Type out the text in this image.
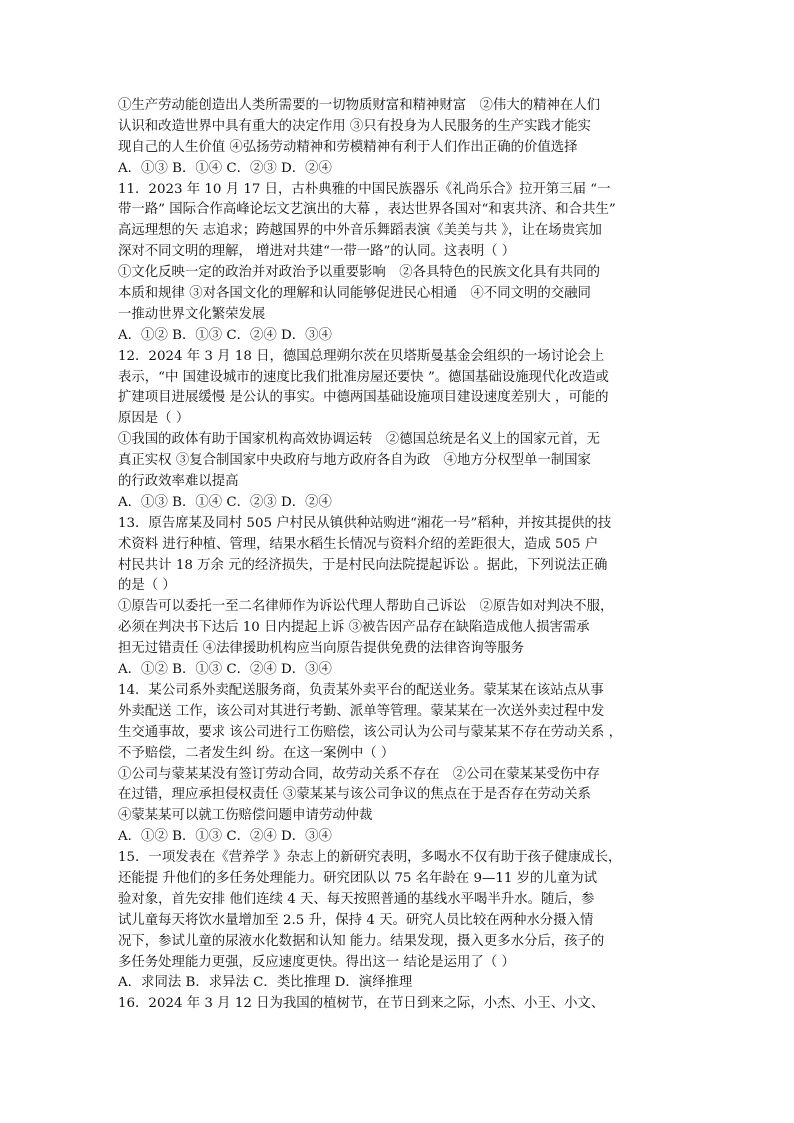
①生产劳动能创造出人类所需要的一切物质财富和精神财富　②伟大的精神在人们
认识和改造世界中具有重大的决定作用 ③只有投身为人民服务的生产实践才能实
现自己的人生价值 ④弘扬劳动精神和劳模精神有利于人们作出正确的价值选择
A．①③ B．①④ C．②③ D．②④
11．2023 年 10 月 17 日，古朴典雅的中国民族器乐《礼尚乐合》拉开第三届 “一
带一路” 国际合作高峰论坛文艺演出的大幕 ，表达世界各国对“和衷共济、和合共生”
高远理想的矢 志追求；跨越国界的中外音乐舞蹈表演《美美与共 》，让在场贵宾加
深对不同文明的理解， 增进对共建“一带一路”的认同。这表明（ ）
①文化反映一定的政治并对政治予以重要影响　②各具特色的民族文化具有共同的
本质和规律 ③对各国文化的理解和认同能够促进民心相通　④不同文明的交融同
一推动世界文化繁荣发展
A．①② B．①③ C．②④ D．③④
12．2024 年 3 月 18 日，德国总理朔尔茨在贝塔斯曼基金会组织的一场讨论会上
表示，“中 国建设城市的速度比我们批准房屋还要快 ”。德国基础设施现代化改造或
扩建项目进展缓慢 是公认的事实。中德两国基础设施项目建设速度差别大 ，可能的
原因是（ ）
①我国的政体有助于国家机构高效协调运转　②德国总统是名义上的国家元首，无
真正实权 ③复合制国家中央政府与地方政府各自为政　④地方分权型单一制国家
的行政效率难以提高
A．①③ B．①④ C．②③ D．②④
13．原告席某及同村 505 户村民从镇供种站购进“湘花一号”稻种，并按其提供的技
术资料 进行种植、管理，结果水稻生长情况与资料介绍的差距很大，造成 505 户
村民共计 18 万余 元的经济损失，于是村民向法院提起诉讼 。据此，下列说法正确
的是（ ）
①原告可以委托一至二名律师作为诉讼代理人帮助自己诉讼　②原告如对判决不服，
必须在判决书下达后 10 日内提起上诉 ③被告因产品存在缺陷造成他人损害需承
担无过错责任 ④法律援助机构应当向原告提供免费的法律咨询等服务
A．①② B．①③ C．②④ D．③④
14．某公司系外卖配送服务商，负责某外卖平台的配送业务。蒙某某在该站点从事
外卖配送 工作，该公司对其进行考勤、派单等管理。蒙某某在一次送外卖过程中发
生交通事故，要求 该公司进行工伤赔偿，该公司认为公司与蒙某某不存在劳动关系 ，
不予赔偿，二者发生纠 纷。在这一案例中（ ）
①公司与蒙某某没有签订劳动合同，故劳动关系不存在　②公司在蒙某某受伤中存
在过错，理应承担侵权责任 ③蒙某某与该公司争议的焦点在于是否存在劳动关系
④蒙某某可以就工伤赔偿问题申请劳动仲裁
A．①② B．①③ C．②④ D．③④
15．一项发表在《营养学 》杂志上的新研究表明，多喝水不仅有助于孩子健康成长，
还能提 升他们的多任务处理能力。研究团队以 75 名年龄在 9—11 岁的儿童为试
验对象，首先安排 他们连续 4 天、每天按照普通的基线水平喝半升水。随后，参
试儿童每天将饮水量增加至 2.5 升，保持 4 天。研究人员比较在两种水分摄入情
况下，参试儿童的尿液水化数据和认知 能力。结果发现，摄入更多水分后，孩子的
多任务处理能力更强，反应速度更快。得出这一 结论是运用了（ ）
A．求同法 B．求异法 C．类比推理 D．演绎推理
16．2024 年 3 月 12 日为我国的植树节，在节日到来之际，小杰、小王、小文、
